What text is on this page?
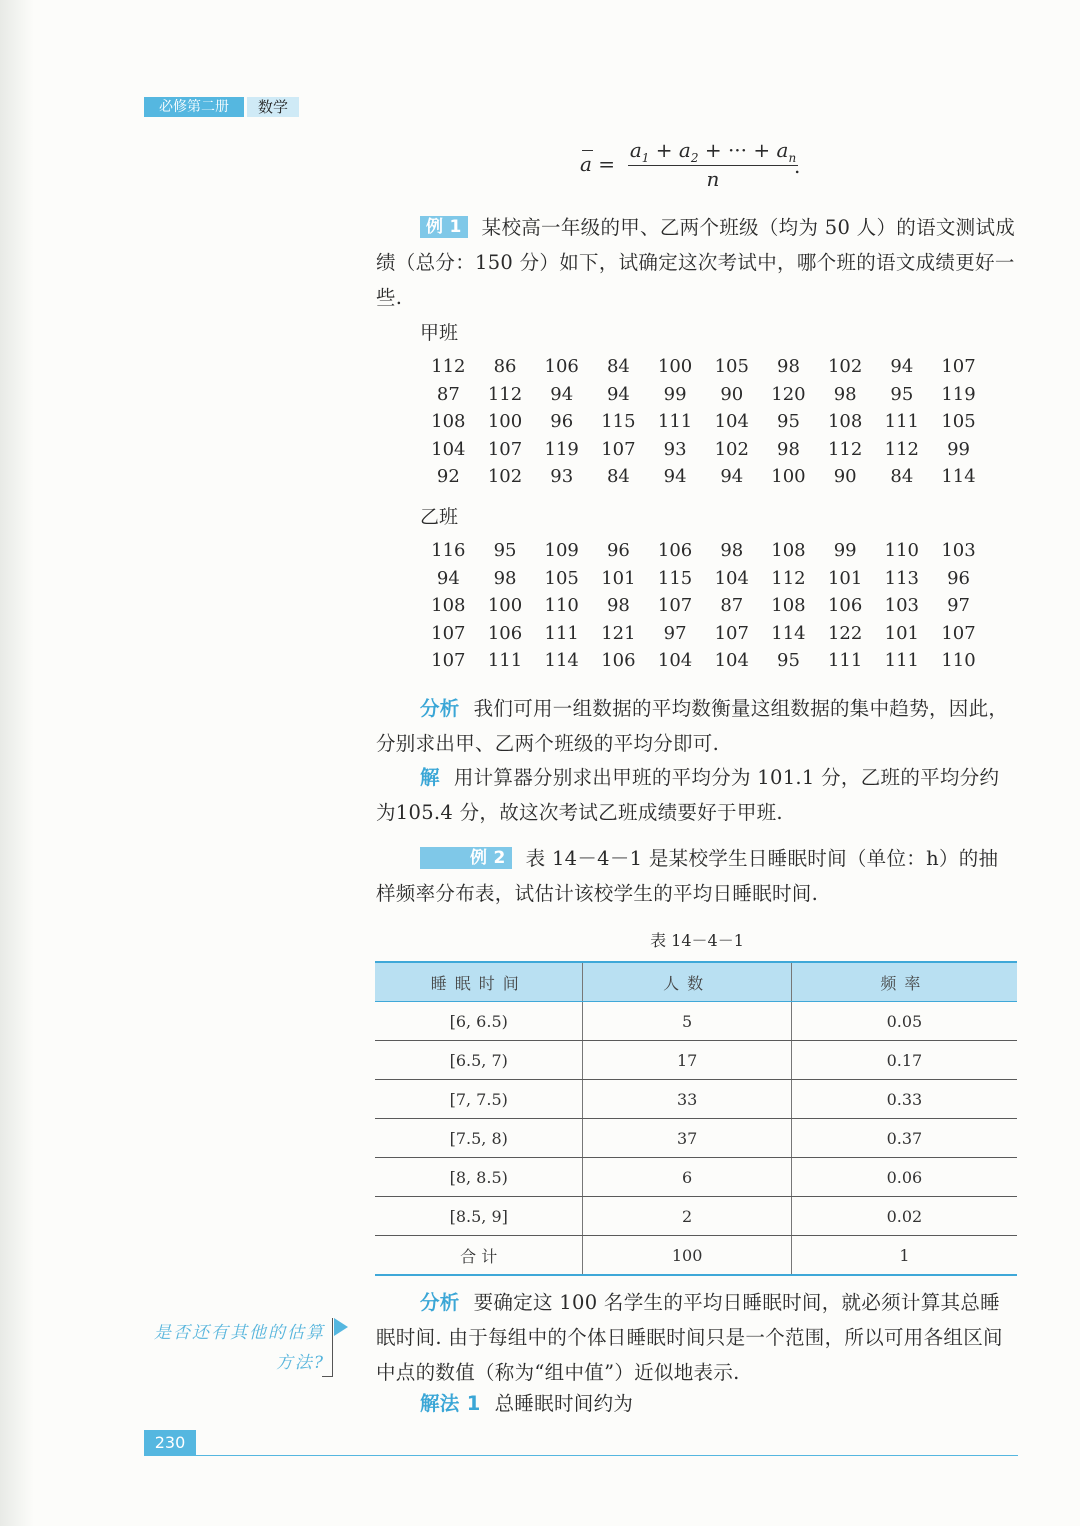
必修第二册	数学
a =
$a_1 + a_2$ + ··· + $a_n$
n
.
例 1 某校高一年级的甲、乙两个班级（均为 50 人）的语文测试成绩（总分：150 分）如下，试确定这次考试中，哪个班的语文成绩更好一些.
甲班
112	86	106	84	100	105	98	102	94	107
87	112	94	94	99	90	120	98	95	119
108	100	96	115	111	104	95	108	111	105
104	107	119	107	93	102	98	112	112	99
92	102	93	84	94	94	100	90	84	114
乙班
116	95	109	96	106	98	108	99	110	103
94	98	105	101	115	104	112	101	113	96
108	100	110	98	107	87	108	106	103	97
107	106	111	121	97	107	114	122	101	107
107	111	114	106	104	104	95	111	111	110
分析 我们可用一组数据的平均数衡量这组数据的集中趋势，因此，分别求出甲、乙两个班级的平均分即可.
解 用计算器分别求出甲班的平均分为 101.1 分，乙班的平均分约为105.4 分，故这次考试乙班成绩要好于甲班.
例 2 表 14－4－1 是某校学生日睡眠时间（单位：h）的抽样频率分布表，试估计该校学生的平均日睡眠时间.
表 14－4－1
睡眠时间	人数	频率
[6, 6.5)	5	0.05
[6.5, 7)	17	0.17
[7, 7.5)	33	0.33
[7.5, 8)	37	0.37
[8, 8.5)	6	0.06
[8.5, 9]	2	0.02
合 计	100	1
分析 要确定这 100 名学生的平均日睡眠时间，就必须计算其总睡眠时间. 由于每组中的个体日睡眠时间只是一个范围，所以可用各组区间中点的数值（称为“组中值”）近似地表示.
解法 1 总睡眠时间约为
是否还有其他的估算方法?
230
